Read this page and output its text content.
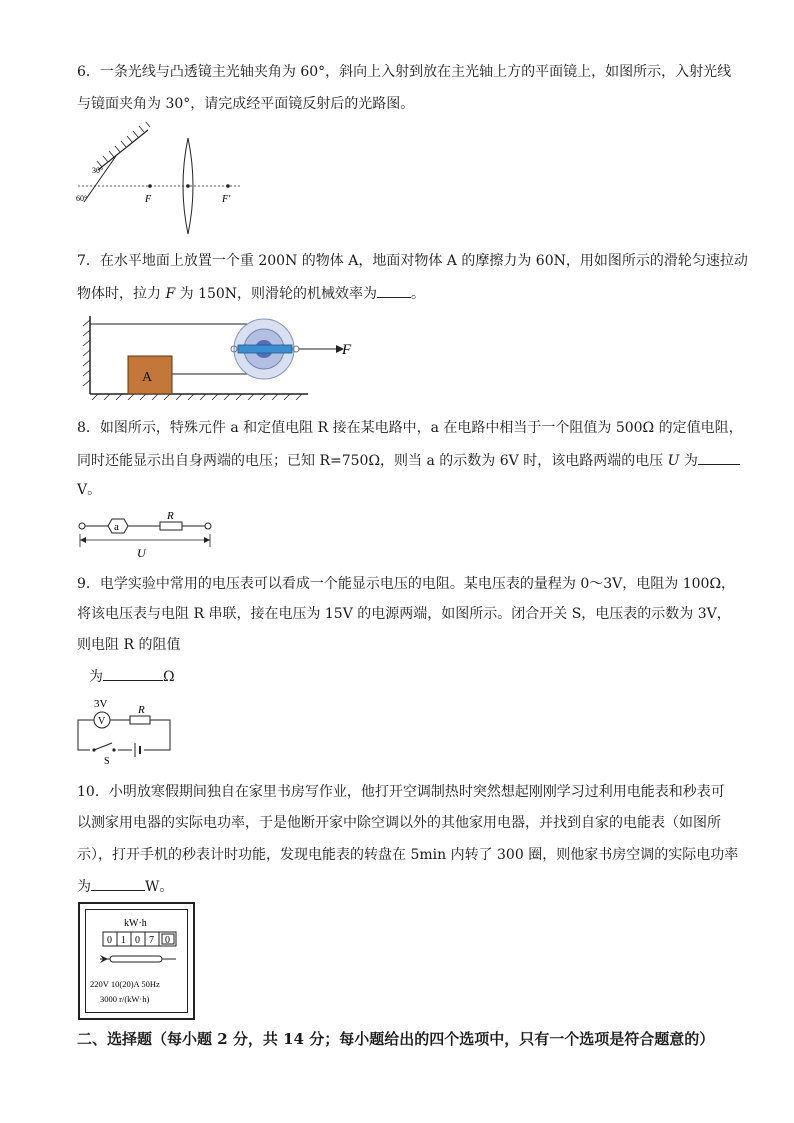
6．一条光线与凸透镜主光轴夹角为 60°，斜向上入射到放在主光轴上方的平面镜上，如图所示，入射光线
与镜面夹角为 30°，请完成经平面镜反射后的光路图。
30°
60°	F	F′
7．在水平地面上放置一个重 200N 的物体 A，地面对物体 A 的摩擦力为 60N，用如图所示的滑轮匀速拉动
物体时，拉力 F 为 150N，则滑轮的机械效率为 。
A
F
8．如图所示，特殊元件 a 和定值电阻 R 接在某电路中，a 在电路中相当于一个阻值为 500Ω 的定值电阻，
同时还能显示出自身两端的电压；已知 R=750Ω，则当 a 的示数为 6V 时，该电路两端的电压 U 为
V。
a
R
U
9．电学实验中常用的电压表可以看成一个能显示电压的电阻。某电压表的量程为 0～3V，电阻为 100Ω，
将该电压表与电阻 R 串联，接在电压为 15V 的电源两端，如图所示。闭合开关 S，电压表的示数为 3V，
则电阻 R 的阻值
为	Ω
3V
V
R
S
10．小明放寒假期间独自在家里书房写作业，他打开空调制热时突然想起刚刚学习过利用电能表和秒表可
以测家用电器的实际电功率，于是他断开家中除空调以外的其他家用电器，并找到自家的电能表（如图所
示），打开手机的秒表计时功能，发现电能表的转盘在 5min 内转了 300 圈，则他家书房空调的实际电功率
为	W。
kW·h
0 1 0 7 0
220V 10(20)A 50Hz
3000 r/(kW·h)
二、选择题（每小题 2 分，共 14 分；每小题给出的四个选项中，只有一个选项是符合题意的）
